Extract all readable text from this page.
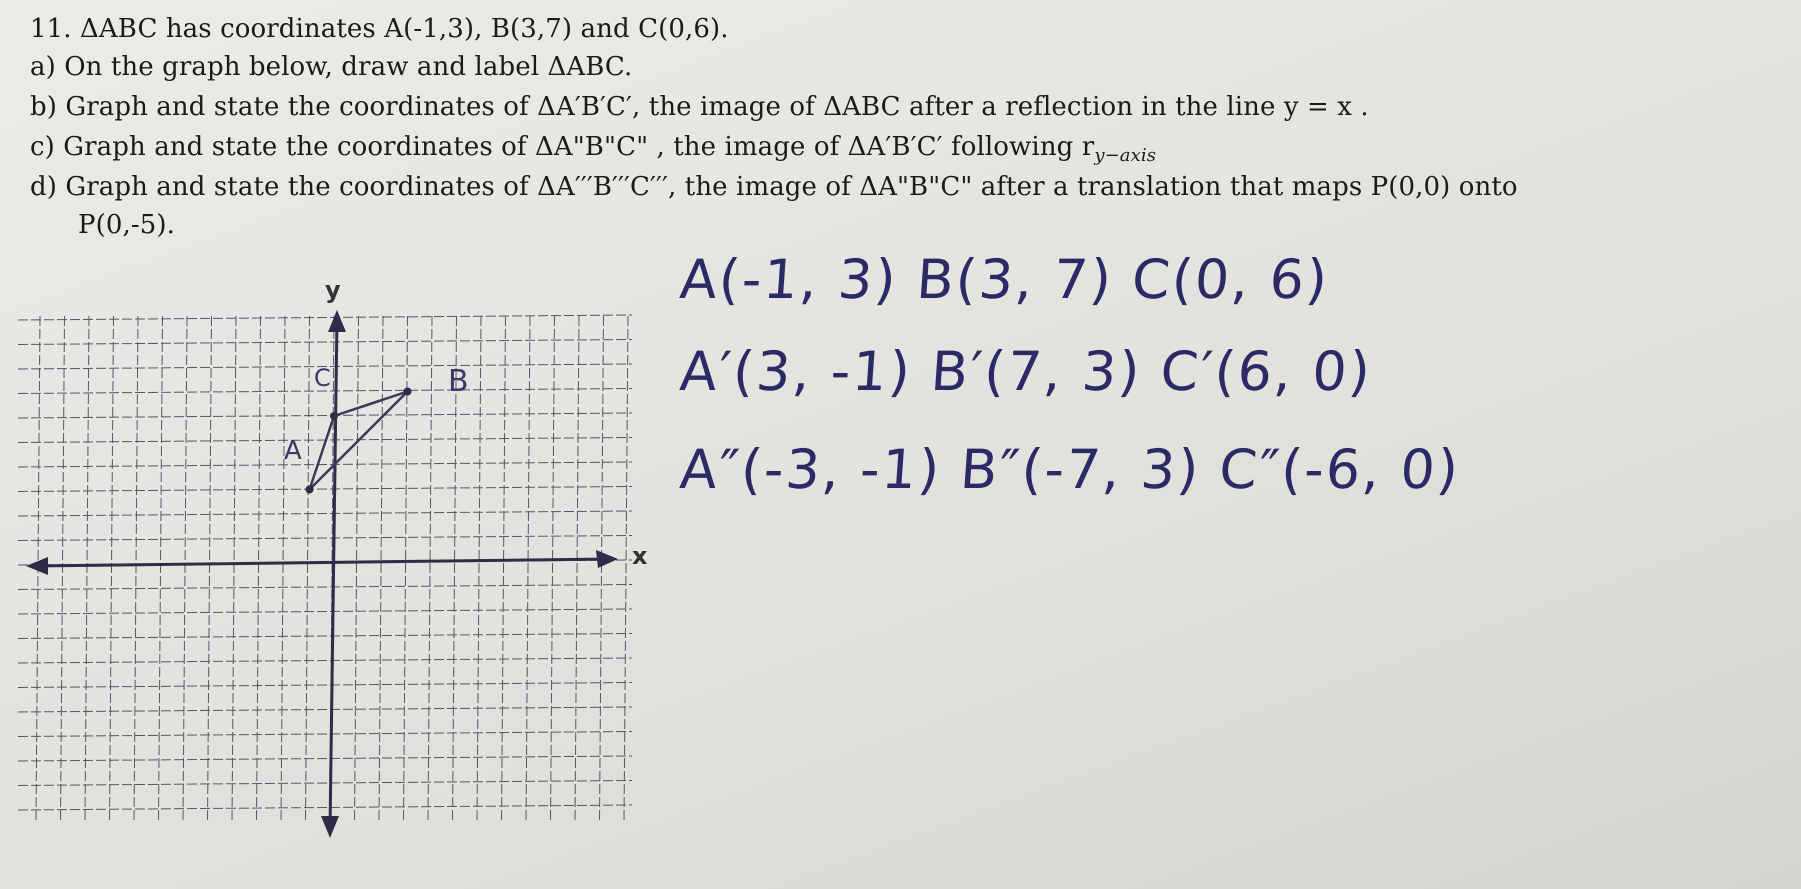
11. ΔABC has coordinates A(-1,3), B(3,7) and C(0,6).
a) On the graph below, draw and label ΔABC.
b) Graph and state the coordinates of ΔA′B′C′, the image of ΔABC after a reflection in the line y = x .
c) Graph and state the coordinates of ΔA"B"C" , the image of ΔA′B′C′ following $r_{y-axis}$
d) Graph and state the coordinates of ΔA′′′B′′′C′′′, the image of ΔA"B"C" after a translation that maps P(0,0) onto
P(0,-5).
y
x
B
C
A
A(-1, 3) B(3, 7) C(0, 6)
A′(3, -1) B′(7, 3) C′(6, 0)
A″(-3, -1) B″(-7, 3) C″(-6, 0)
